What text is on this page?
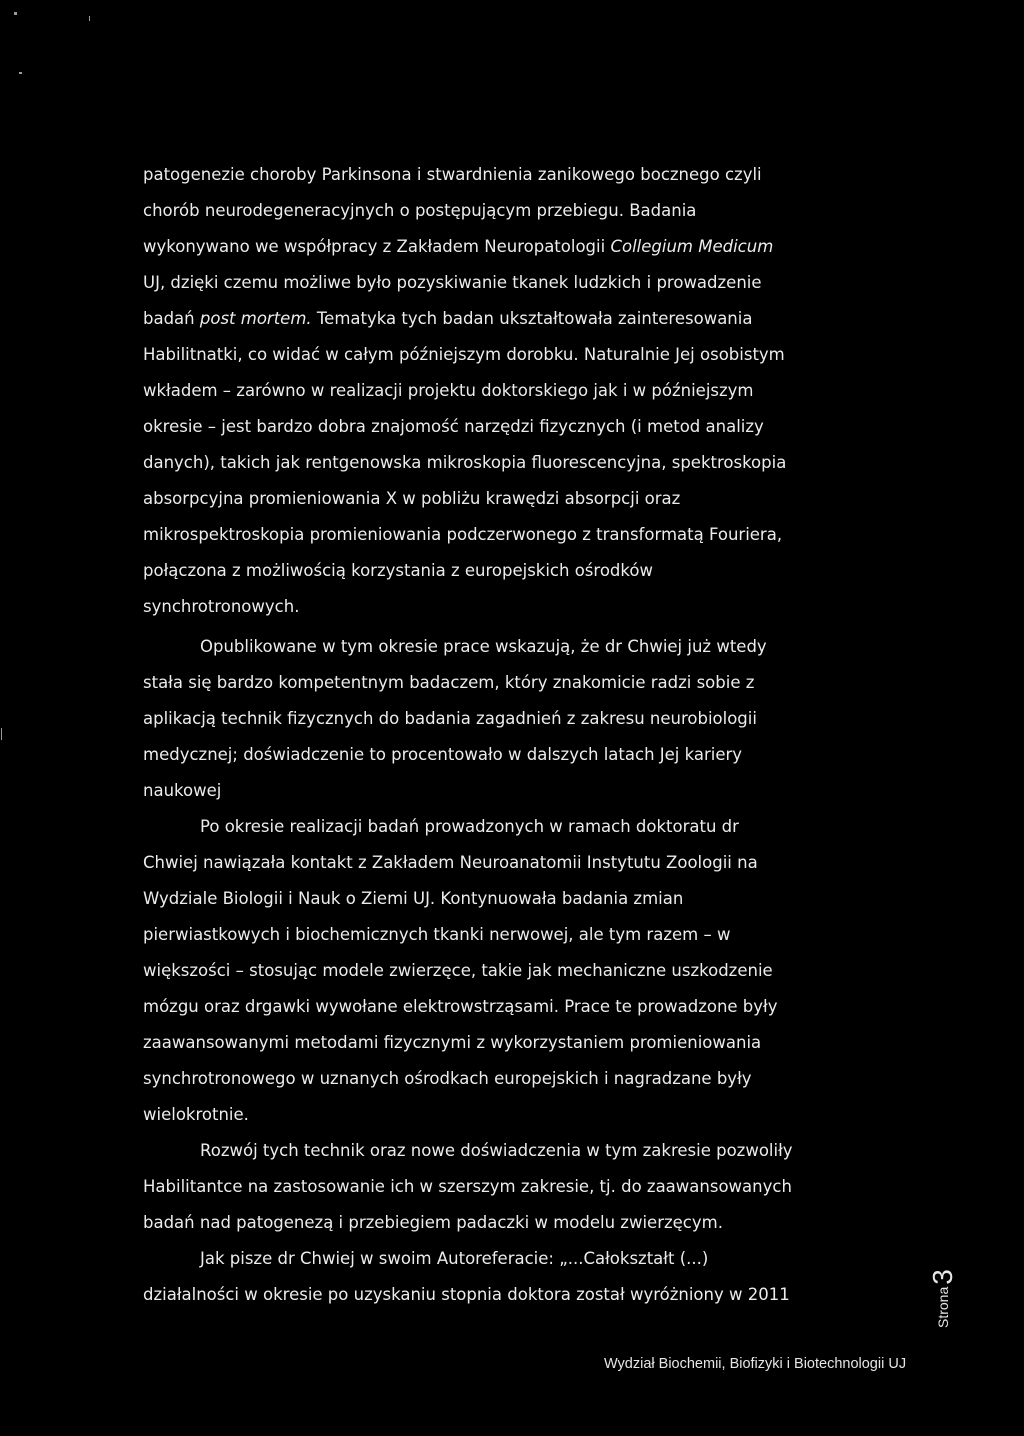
patogenezie choroby Parkinsona i stwardnienia zanikowego bocznego czyli
chorób neurodegeneracyjnych o postępującym przebiegu. Badania
wykonywano we współpracy z Zakładem Neuropatologii Collegium Medicum
UJ, dzięki czemu możliwe było pozyskiwanie tkanek ludzkich i prowadzenie
badań post mortem. Tematyka tych badan ukształtowała zainteresowania
Habilitnatki, co widać w całym późniejszym dorobku. Naturalnie Jej osobistym
wkładem – zarówno w realizacji projektu doktorskiego jak i w późniejszym
okresie – jest bardzo dobra znajomość narzędzi fizycznych (i metod analizy
danych), takich jak rentgenowska mikroskopia fluorescencyjna, spektroskopia
absorpcyjna promieniowania X w pobliżu krawędzi absorpcji oraz
mikrospektroskopia promieniowania podczerwonego z transformatą Fouriera,
połączona z możliwością korzystania z europejskich ośrodków
synchrotronowych.
Opublikowane w tym okresie prace wskazują, że dr Chwiej już wtedy
stała się bardzo kompetentnym badaczem, który znakomicie radzi sobie z
aplikacją technik fizycznych do badania zagadnień z zakresu neurobiologii
medycznej; doświadczenie to procentowało w dalszych latach Jej kariery
naukowej
Po okresie realizacji badań prowadzonych w ramach doktoratu dr
Chwiej nawiązała kontakt z Zakładem Neuroanatomii Instytutu Zoologii na
Wydziale Biologii i Nauk o Ziemi UJ. Kontynuowała badania zmian
pierwiastkowych i biochemicznych tkanki nerwowej, ale tym razem – w
większości – stosując modele zwierzęce, takie jak mechaniczne uszkodzenie
mózgu oraz drgawki wywołane elektrowstrząsami. Prace te prowadzone były
zaawansowanymi metodami fizycznymi z wykorzystaniem promieniowania
synchrotronowego w uznanych ośrodkach europejskich i nagradzane były
wielokrotnie.
Rozwój tych technik oraz nowe doświadczenia w tym zakresie pozwoliły
Habilitantce na zastosowanie ich w szerszym zakresie, tj. do zaawansowanych
badań nad patogenezą i przebiegiem padaczki w modelu zwierzęcym.
Jak pisze dr Chwiej w swoim Autoreferacie: „...Całokształt (...)
działalności w okresie po uzyskaniu stopnia doktora został wyróżniony w 2011	Strona3
Wydział Biochemii, Biofizyki i Biotechnologii UJ
